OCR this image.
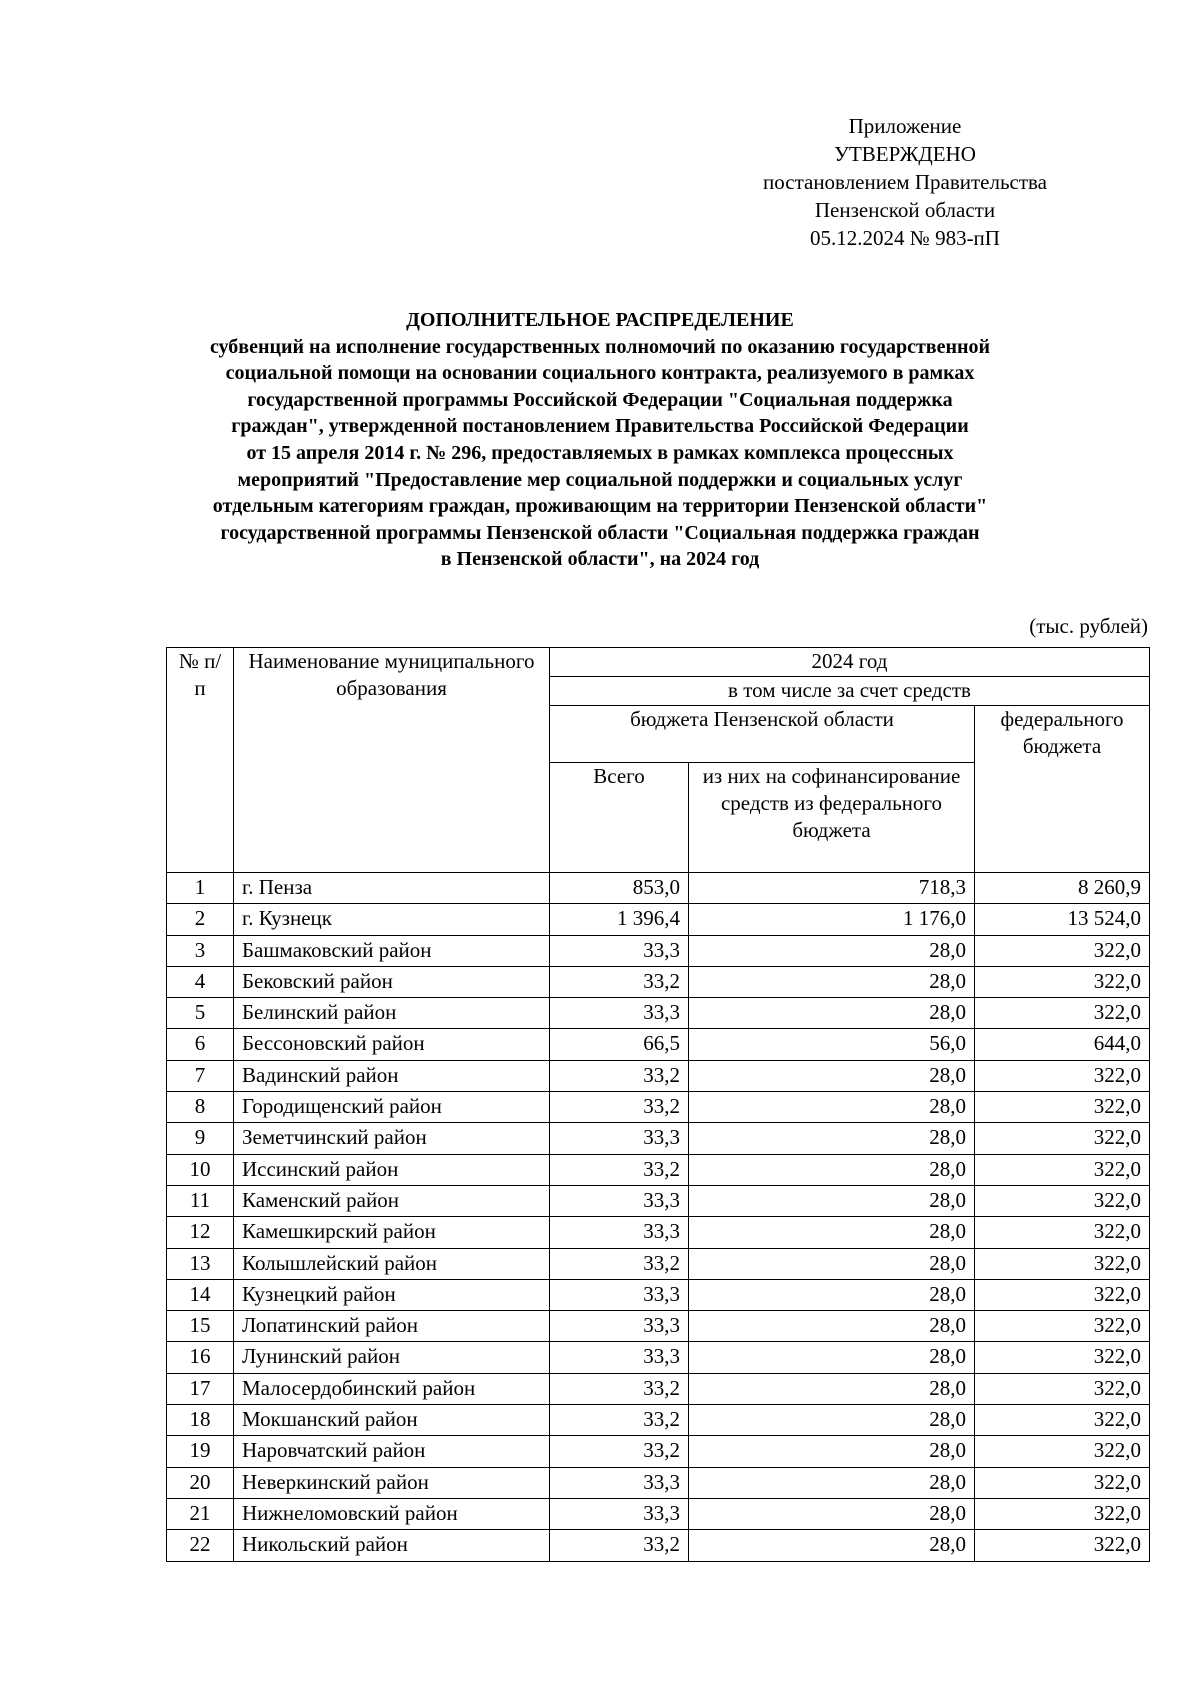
Приложение
УТВЕРЖДЕНО
постановлением Правительства
Пензенской области
05.12.2024 № 983-пП
ДОПОЛНИТЕЛЬНОЕ РАСПРЕДЕЛЕНИЕ
субвенций на исполнение государственных полномочий по оказанию государственной
социальной помощи на основании социального контракта, реализуемого в рамках
государственной программы Российской Федерации "Социальная поддержка
граждан", утвержденной постановлением Правительства Российской Федерации
от 15 апреля 2014 г. № 296, предоставляемых в рамках комплекса процессных
мероприятий "Предоставление мер социальной поддержки и социальных услуг
отдельным категориям граждан, проживающим на территории Пензенской области"
государственной программы Пензенской области "Социальная поддержка граждан
в Пензенской области", на 2024 год
(тыс. рублей)
№ п/п	Наименование муниципального образования	2024 год		
		в том числе за счет средств		
		бюджета Пензенской области		федерального бюджета
		Всего	из них на софинансирование средств из федерального бюджета	
1	г. Пенза	853,0	718,3	8 260,9
2	г. Кузнецк	1 396,4	1 176,0	13 524,0
3	Башмаковский район	33,3	28,0	322,0
4	Бековский район	33,2	28,0	322,0
5	Белинский район	33,3	28,0	322,0
6	Бессоновский район	66,5	56,0	644,0
7	Вадинский район	33,2	28,0	322,0
8	Городищенский район	33,2	28,0	322,0
9	Земетчинский район	33,3	28,0	322,0
10	Иссинский район	33,2	28,0	322,0
11	Каменский район	33,3	28,0	322,0
12	Камешкирский район	33,3	28,0	322,0
13	Колышлейский район	33,2	28,0	322,0
14	Кузнецкий район	33,3	28,0	322,0
15	Лопатинский район	33,3	28,0	322,0
16	Лунинский район	33,3	28,0	322,0
17	Малосердобинский район	33,2	28,0	322,0
18	Мокшанский район	33,2	28,0	322,0
19	Наровчатский район	33,2	28,0	322,0
20	Неверкинский район	33,3	28,0	322,0
21	Нижнеломовский район	33,3	28,0	322,0
22	Никольский район	33,2	28,0	322,0
